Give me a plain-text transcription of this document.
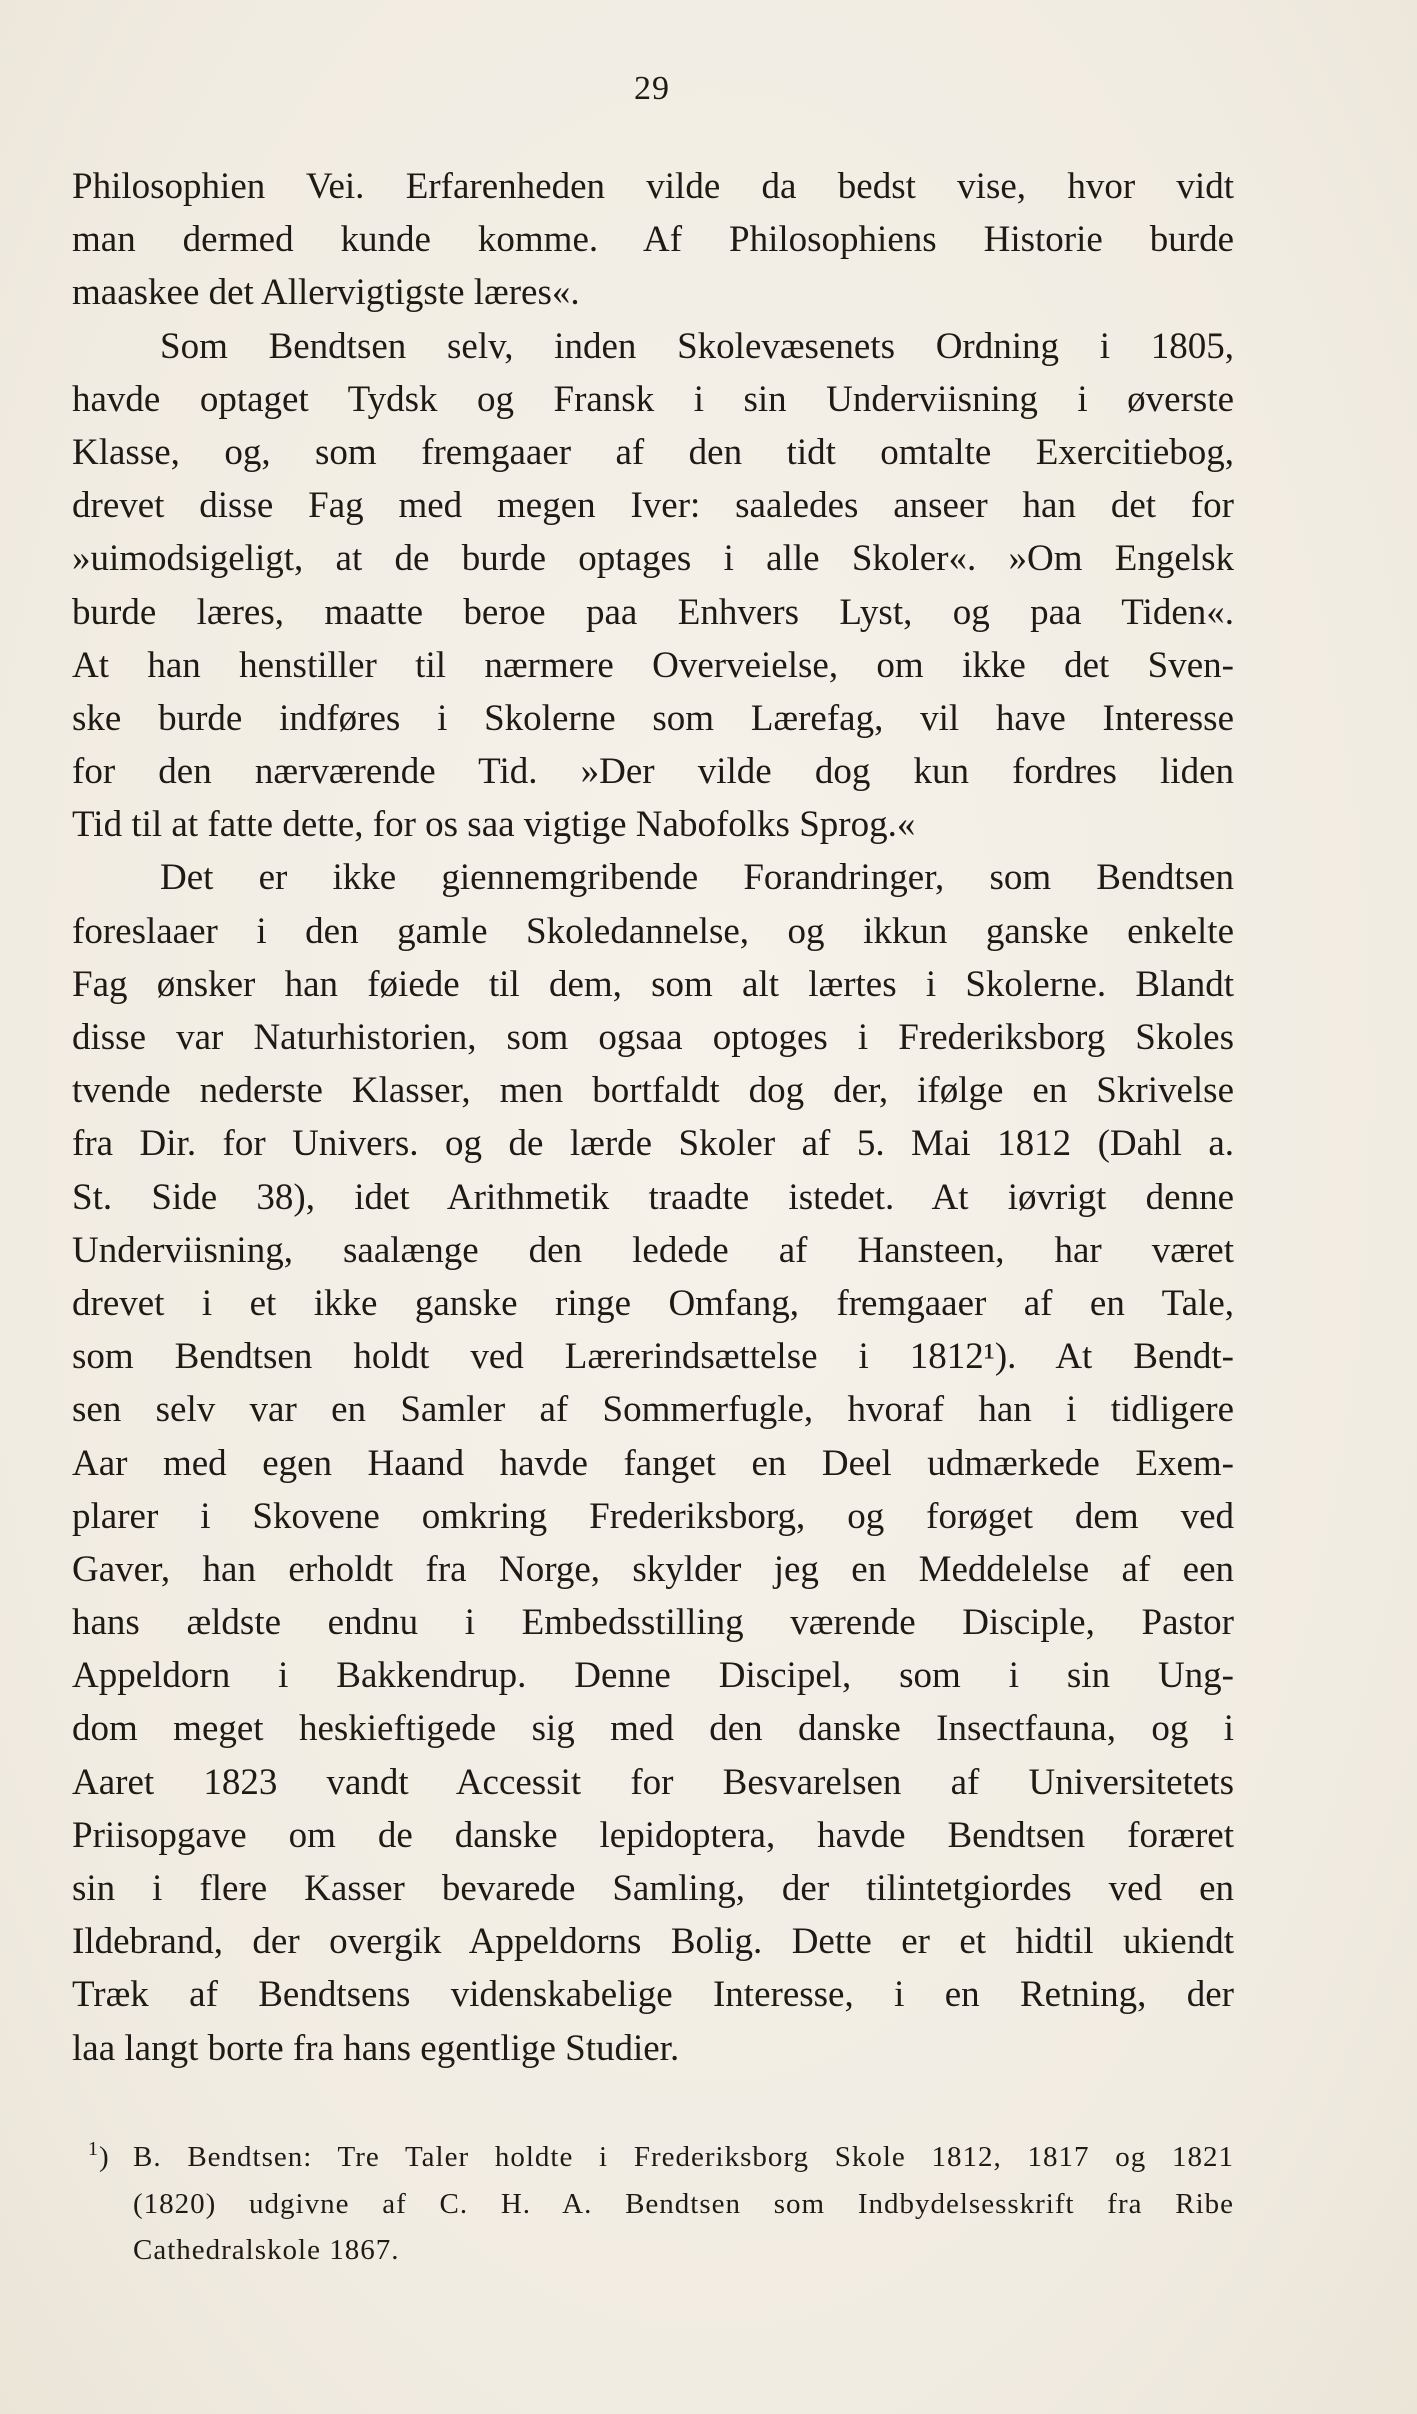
29
Philosophien Vei. Erfarenheden vilde da bedst vise, hvor vidt
man dermed kunde komme. Af Philosophiens Historie burde
maaskee det Allervigtigste læres«.
Som Bendtsen selv, inden Skolevæsenets Ordning i 1805,
havde optaget Tydsk og Fransk i sin Underviisning i øverste
Klasse, og, som fremgaaer af den tidt omtalte Exercitiebog,
drevet disse Fag med megen Iver: saaledes anseer han det for
»uimodsigeligt, at de burde optages i alle Skoler«. »Om Engelsk
burde læres, maatte beroe paa Enhvers Lyst, og paa Tiden«.
At han henstiller til nærmere Overveielse, om ikke det Sven-
ske burde indføres i Skolerne som Lærefag, vil have Interesse
for den nærværende Tid. »Der vilde dog kun fordres liden
Tid til at fatte dette, for os saa vigtige Nabofolks Sprog.«
Det er ikke giennemgribende Forandringer, som Bendtsen
foreslaaer i den gamle Skoledannelse, og ikkun ganske enkelte
Fag ønsker han føiede til dem, som alt lærtes i Skolerne. Blandt
disse var Naturhistorien, som ogsaa optoges i Frederiksborg Skoles
tvende nederste Klasser, men bortfaldt dog der, ifølge en Skrivelse
fra Dir. for Univers. og de lærde Skoler af 5. Mai 1812 (Dahl a.
St. Side 38), idet Arithmetik traadte istedet. At iøvrigt denne
Underviisning, saalænge den ledede af Hansteen, har været
drevet i et ikke ganske ringe Omfang, fremgaaer af en Tale,
som Bendtsen holdt ved Lærerindsættelse i 1812¹). At Bendt-
sen selv var en Samler af Sommerfugle, hvoraf han i tidligere
Aar med egen Haand havde fanget en Deel udmærkede Exem-
plarer i Skovene omkring Frederiksborg, og forøget dem ved
Gaver, han erholdt fra Norge, skylder jeg en Meddelelse af een
hans ældste endnu i Embedsstilling værende Disciple, Pastor
Appeldorn i Bakkendrup. Denne Discipel, som i sin Ung-
dom meget heskieftigede sig med den danske Insectfauna, og i
Aaret 1823 vandt Accessit for Besvarelsen af Universitetets
Priisopgave om de danske lepidoptera, havde Bendtsen foræret
sin i flere Kasser bevarede Samling, der tilintetgiordes ved en
Ildebrand, der overgik Appeldorns Bolig. Dette er et hidtil ukiendt
Træk af Bendtsens videnskabelige Interesse, i en Retning, der
laa langt borte fra hans egentlige Studier.
$^1$) B. Bendtsen: Tre Taler holdte i Frederiksborg Skole 1812, 1817 og 1821
(1820) udgivne af C. H. A. Bendtsen som Indbydelsesskrift fra Ribe
Cathedralskole 1867.
